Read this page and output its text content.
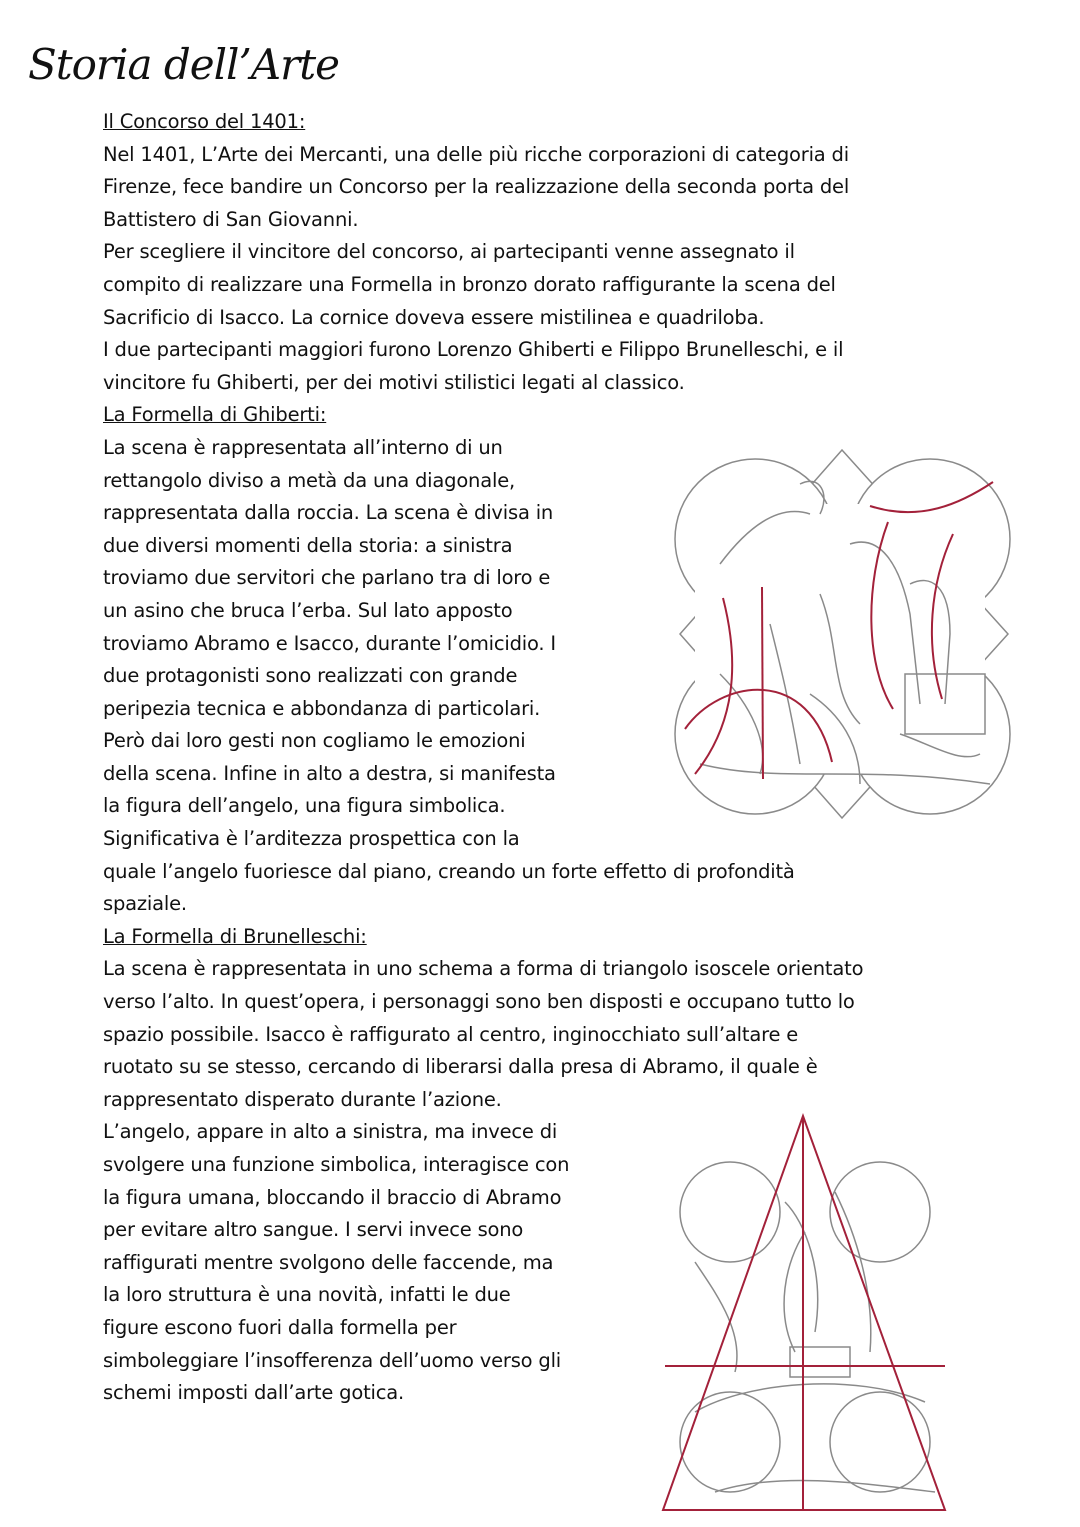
Storia dell’Arte
Il Concorso del 1401:
Nel 1401, L’Arte dei Mercanti, una delle più ricche corporazioni di categoria di
Firenze, fece bandire un Concorso per la realizzazione della seconda porta del
Battistero di San Giovanni.
Per scegliere il vincitore del concorso, ai partecipanti venne assegnato il
compito di realizzare una Formella in bronzo dorato raffigurante la scena del
Sacrificio di Isacco. La cornice doveva essere mistilinea e quadriloba.
I due partecipanti maggiori furono Lorenzo Ghiberti e Filippo Brunelleschi, e il
vincitore fu Ghiberti, per dei motivi stilistici legati al classico.
La Formella di Ghiberti:
La scena è rappresentata all’interno di un
rettangolo diviso a metà da una diagonale,
rappresentata dalla roccia. La scena è divisa in
due diversi momenti della storia: a sinistra
troviamo due servitori che parlano tra di loro e
un asino che bruca l’erba. Sul lato apposto
troviamo Abramo e Isacco, durante l’omicidio. I
due protagonisti sono realizzati con grande
peripezia tecnica e abbondanza di particolari.
Però dai loro gesti non cogliamo le emozioni
della scena. Infine in alto a destra, si manifesta
la figura dell’angelo, una figura simbolica.
Significativa è l’arditezza prospettica con la
quale l’angelo fuoriesce dal piano, creando un forte effetto di profondità
spaziale.
La Formella di Brunelleschi:
La scena è rappresentata in uno schema a forma di triangolo isoscele orientato
verso l’alto. In quest’opera, i personaggi sono ben disposti e occupano tutto lo
spazio possibile. Isacco è raffigurato al centro, inginocchiato sull’altare e
ruotato su se stesso, cercando di liberarsi dalla presa di Abramo, il quale è
rappresentato disperato durante l’azione.
L’angelo, appare in alto a sinistra, ma invece di
svolgere una funzione simbolica, interagisce con
la figura umana, bloccando il braccio di Abramo
per evitare altro sangue. I servi invece sono
raffigurati mentre svolgono delle faccende, ma
la loro struttura è una novità, infatti le due
figure escono fuori dalla formella per
simboleggiare l’insofferenza dell’uomo verso gli
schemi imposti dall’arte gotica.
